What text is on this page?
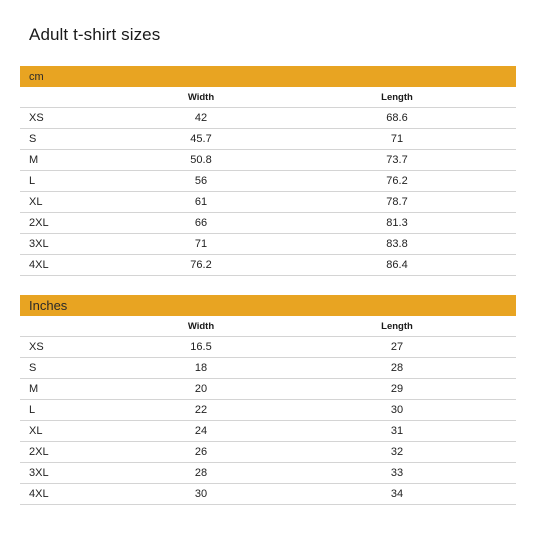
Adult t-shirt sizes
cm
Width	Length
XS	42	68.6
S	45.7	71
M	50.8	73.7
L	56	76.2
XL	61	78.7
2XL	66	81.3
3XL	71	83.8
4XL	76.2	86.4
Inches
Width	Length
XS	16.5	27
S	18	28
M	20	29
L	22	30
XL	24	31
2XL	26	32
3XL	28	33
4XL	30	34
